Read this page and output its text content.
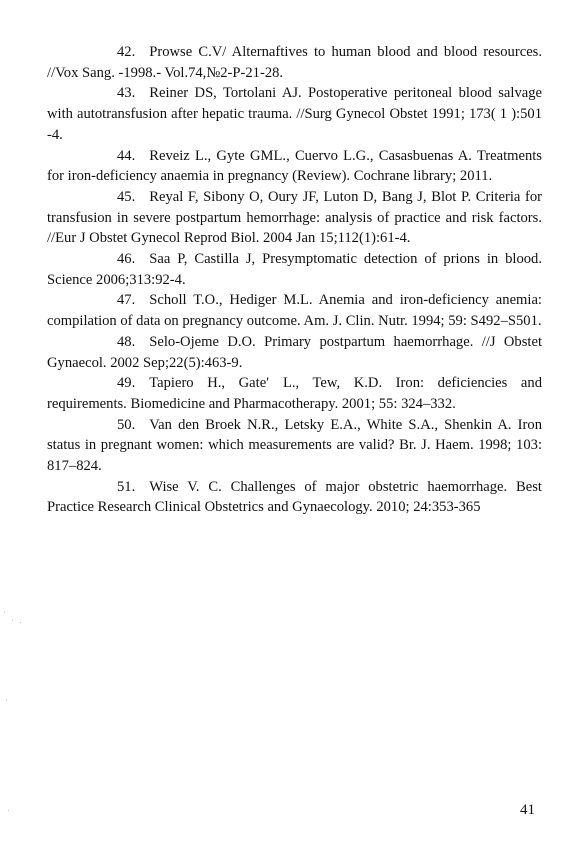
42. Prowse C.V/ Alternaftives to human blood and blood resources. //Vox Sang. -1998.- Vol.74,№2-P-21-28.

43. Reiner DS, Tortolani AJ. Postoperative peritoneal blood salvage with autotransfusion after hepatic trauma. //Surg Gynecol Obstet 1991; 173( 1 ):501 -4.

44. Reveiz L., Gyte GML., Cuervo L.G., Casasbuenas A. Treatments for iron-deficiency anaemia in pregnancy (Review). Cochrane library; 2011.

45. Reyal F, Sibony O, Oury JF, Luton D, Bang J, Blot P. Criteria for transfusion in severe postpartum hemorrhage: analysis of practice and risk factors. //Eur J Obstet Gynecol Reprod Biol. 2004 Jan 15;112(1):61-4.

46. Saa P, Castilla J, Presymptomatic detection of prions in blood. Science 2006;313:92-4.

47. Scholl T.O., Hediger M.L. Anemia and iron-deficiency anemia: compilation of data on pregnancy outcome. Am. J. Clin. Nutr. 1994; 59: S492–S501.

48. Selo-Ojeme D.O. Primary postpartum haemorrhage. //J Obstet Gynaecol. 2002 Sep;22(5):463-9.

49. Tapiero H., Gate′ L., Tew, K.D. Iron: deficiencies and requirements. Biomedicine and Pharmacotherapy. 2001; 55: 324–332.

50. Van den Broek N.R., Letsky E.A., White S.A., Shenkin A. Iron status in pregnant women: which measurements are valid? Br. J. Haem. 1998; 103: 817–824.

51. Wise V. C. Challenges of major obstetric haemorrhage. Best Practice Research Clinical Obstetrics and Gynaecology. 2010; 24:353-365

41
